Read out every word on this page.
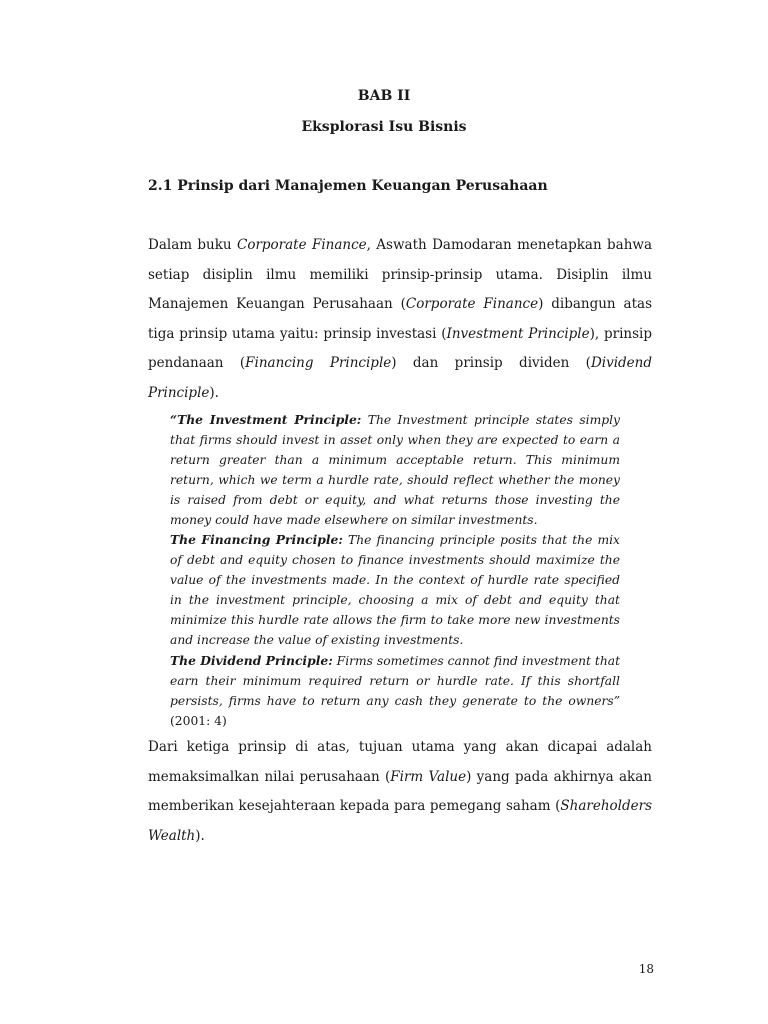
BAB II
Eksplorasi Isu Bisnis
2.1 Prinsip dari Manajemen Keuangan Perusahaan

Dalam buku Corporate Finance, Aswath Damodaran menetapkan bahwa setiap disiplin ilmu memiliki prinsip-prinsip utama. Disiplin ilmu Manajemen Keuangan Perusahaan (Corporate Finance) dibangun atas tiga prinsip utama yaitu: prinsip investasi (Investment Principle), prinsip pendanaan (Financing Principle) dan prinsip dividen (Dividend Principle).

“The Investment Principle: The Investment principle states simply that firms should invest in asset only when they are expected to earn a return greater than a minimum acceptable return. This minimum return, which we term a hurdle rate, should reflect whether the money is raised from debt or equity, and what returns those investing the money could have made elsewhere on similar investments.

The Financing Principle: The financing principle posits that the mix of debt and equity chosen to finance investments should maximize the value of the investments made. In the context of hurdle rate specified in the investment principle, choosing a mix of debt and equity that minimize this hurdle rate allows the firm to take more new investments and increase the value of existing investments.

The Dividend Principle: Firms sometimes cannot find investment that earn their minimum required return or hurdle rate. If this shortfall persists, firms have to return any cash they generate to the owners” (2001: 4)

Dari ketiga prinsip di atas, tujuan utama yang akan dicapai adalah memaksimalkan nilai perusahaan (Firm Value) yang pada akhirnya akan memberikan kesejahteraan kepada para pemegang saham (Shareholders Wealth).

18
